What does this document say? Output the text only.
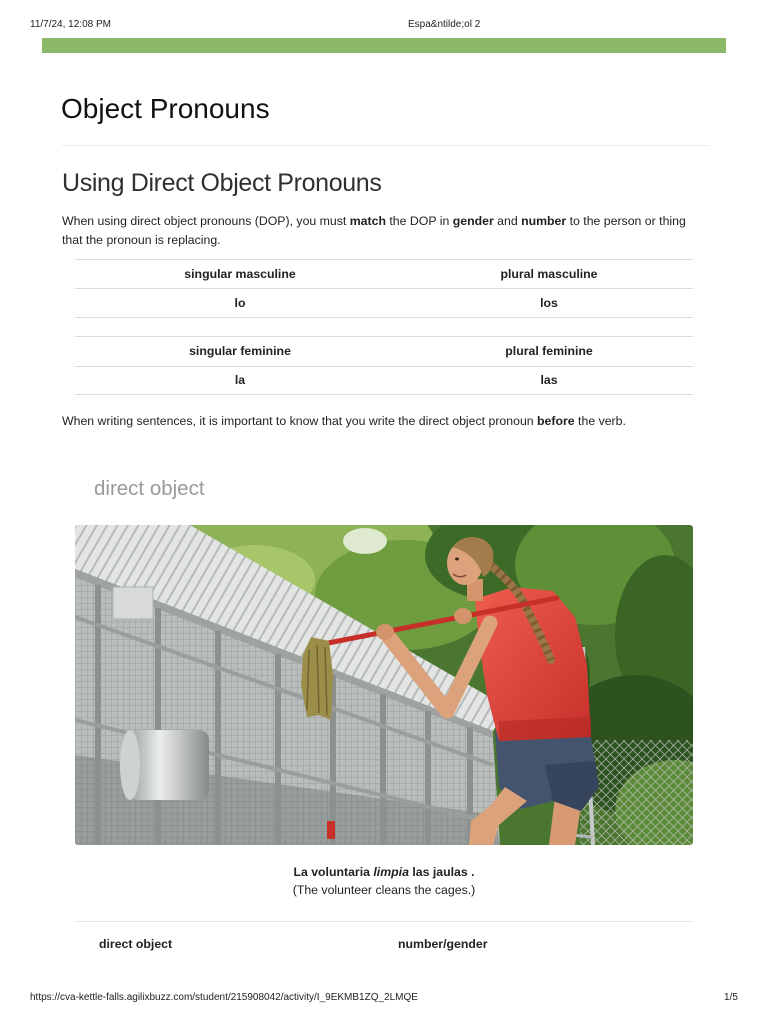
11/7/24, 12:08 PM	Espa&ntilde;ol 2
Object Pronouns
Using Direct Object Pronouns

When using direct object pronouns (DOP), you must match the DOP in gender and number to the person or thing that the pronoun is replacing.

singular masculine	plural masculine
lo	los
singular feminine	plural feminine
la	las

When writing sentences, it is important to know that you write the direct object pronoun before the verb.

direct object
La voluntaria limpia las jaulas .
(The volunteer cleans the cages.)
direct object	number/gender
https://cva-kettle-falls.agilixbuzz.com/student/215908042/activity/I_9EKMB1ZQ_2LMQE	1/5
